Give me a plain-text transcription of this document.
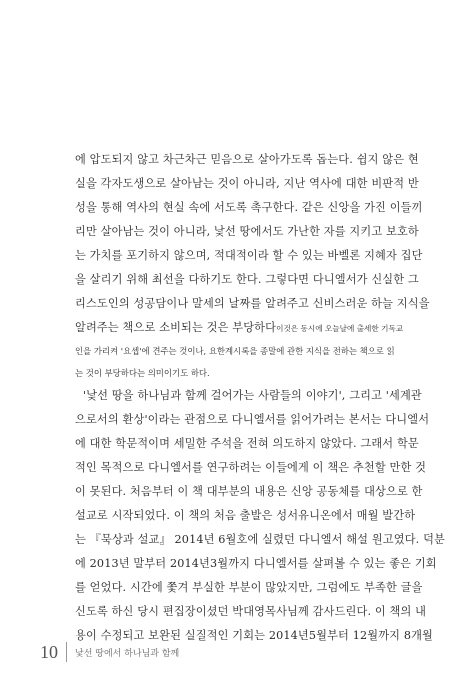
에 압도되지 않고 차근차근 믿음으로 살아가도록 돕는다. 쉽지 않은 현
실을 각자도생으로 살아남는 것이 아니라, 지난 역사에 대한 비판적 반
성을 통해 역사의 현실 속에 서도록 촉구한다. 같은 신앙을 가진 이들끼
리만 살아남는 것이 아니라, 낯선 땅에서도 가난한 자를 지키고 보호하
는 가치를 포기하지 않으며, 적대적이라 할 수 있는 바벨론 지혜자 집단
을 살리기 위해 최선을 다하기도 한다. 그렇다면 다니엘서가 신실한 그
리스도인의 성공담이나 말세의 날짜를 알려주고 신비스러운 하늘 지식을
알려주는 책으로 소비되는 것은 부당하다이것은 동시에 오늘날에 출세한 기독교
인을 가리켜 '요셉'에 견주는 것이나, 요한계시록을 종말에 관한 지식을 전하는 책으로 읽
는 것이 부당하다는 의미이기도 하다.
'낯선 땅을 하나님과 함께 걸어가는 사람들의 이야기', 그리고 '세계관
으로서의 환상'이라는 관점으로 다니엘서를 읽어가려는 본서는 다니엘서
에 대한 학문적이며 세밀한 주석을 전혀 의도하지 않았다. 그래서 학문
적인 목적으로 다니엘서를 연구하려는 이들에게 이 책은 추천할 만한 것
이 못된다. 처음부터 이 책 대부분의 내용은 신앙 공동체를 대상으로 한
설교로 시작되었다. 이 책의 처음 출발은 성서유니온에서 매월 발간하
는 『묵상과 설교』 2014년 6월호에 실렸던 다니엘서 해설 원고였다. 덕분
에 2013년 말부터 2014년3월까지 다니엘서를 살펴볼 수 있는 좋은 기회
를 얻었다. 시간에 쫓겨 부실한 부분이 많았지만, 그럼에도 부족한 글을
신도록 하신 당시 편집장이셨던 박대영목사님께 감사드린다. 이 책의 내
용이 수정되고 보완된 실질적인 기회는 2014년5월부터 12월까지 8개월
10	낯선 땅에서 하나님과 함께
